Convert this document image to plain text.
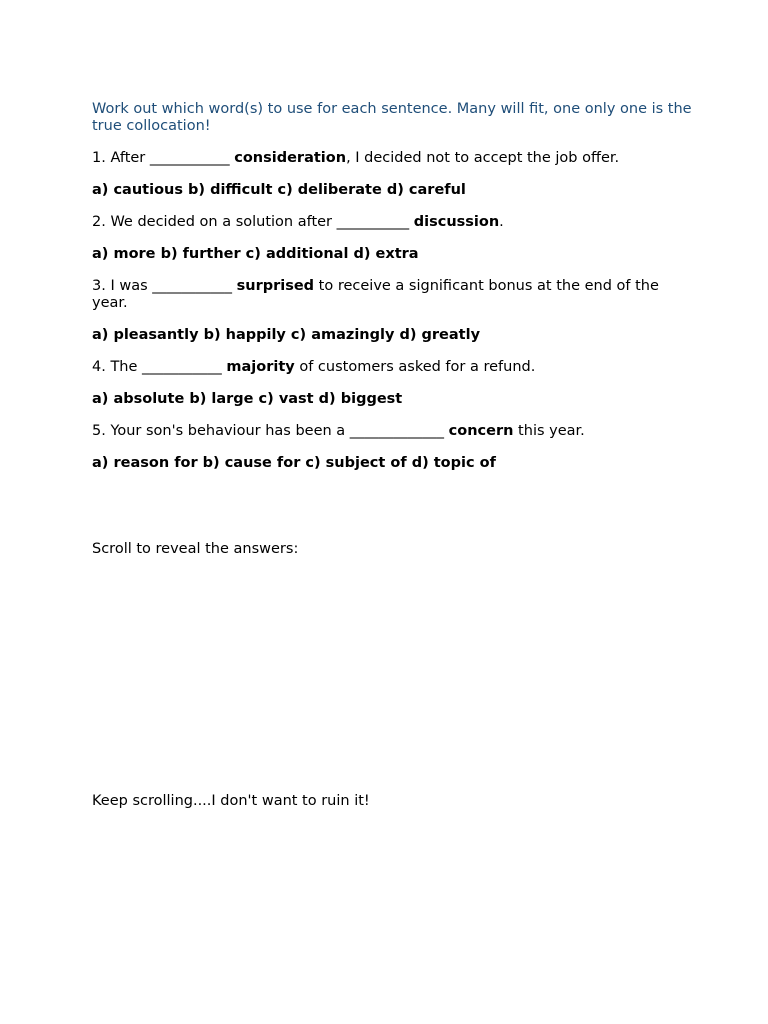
Work out which word(s) to use for each sentence. Many will fit, one only one is the true collocation!

1. After ___________ consideration, I decided not to accept the job offer.

a) cautious b) difficult c) deliberate d) careful

2. We decided on a solution after __________ discussion.

a) more b) further c) additional d) extra

3. I was ___________ surprised to receive a significant bonus at the end of the year.

a) pleasantly b) happily c) amazingly d) greatly

4. The ___________ majority of customers asked for a refund.

a) absolute b) large c) vast d) biggest

5. Your son's behaviour has been a _____________ concern this year.

a) reason for b) cause for c) subject of d) topic of

Scroll to reveal the answers:
Keep scrolling....I don't want to ruin it!
